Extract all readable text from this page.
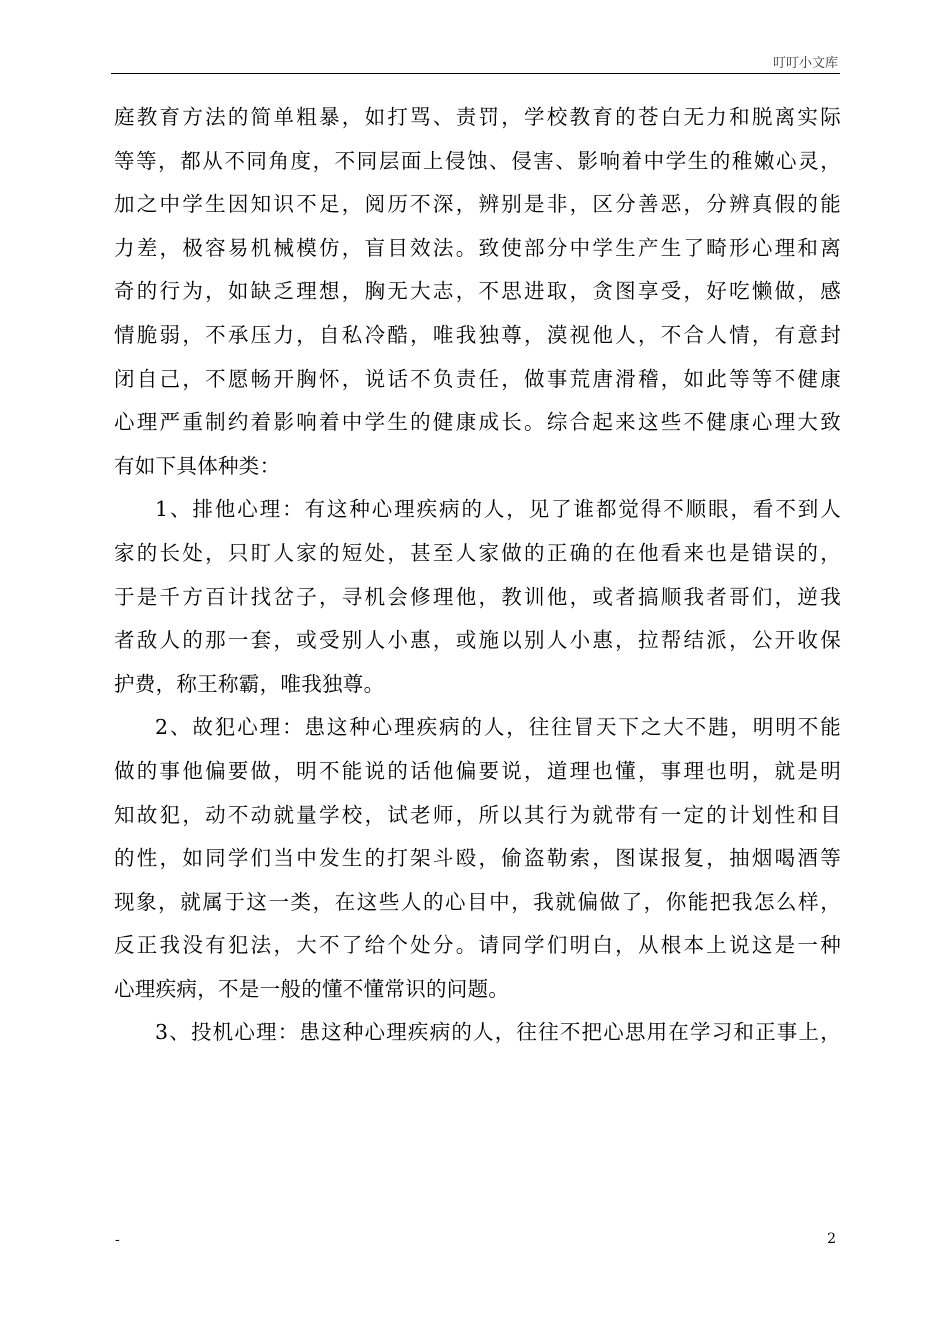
叮叮小文库
庭教育方法的简单粗暴，如打骂、责罚，学校教育的苍白无力和脱离实际
等等，都从不同角度，不同层面上侵蚀、侵害、影响着中学生的稚嫩心灵，
加之中学生因知识不足，阅历不深，辨别是非，区分善恶，分辨真假的能
力差，极容易机械模仿，盲目效法。致使部分中学生产生了畸形心理和离
奇的行为，如缺乏理想，胸无大志，不思进取，贪图享受，好吃懒做，感
情脆弱，不承压力，自私冷酷，唯我独尊，漠视他人，不合人情，有意封
闭自己，不愿畅开胸怀，说话不负责任，做事荒唐滑稽，如此等等不健康
心理严重制约着影响着中学生的健康成长。综合起来这些不健康心理大致
有如下具体种类：
1、排他心理：有这种心理疾病的人，见了谁都觉得不顺眼，看不到人
家的长处，只盯人家的短处，甚至人家做的正确的在他看来也是错误的，
于是千方百计找岔子，寻机会修理他，教训他，或者搞顺我者哥们，逆我
者敌人的那一套，或受别人小惠，或施以别人小惠，拉帮结派，公开收保
护费，称王称霸，唯我独尊。
2、故犯心理：患这种心理疾病的人，往往冒天下之大不韪，明明不能
做的事他偏要做，明不能说的话他偏要说，道理也懂，事理也明，就是明
知故犯，动不动就量学校，试老师，所以其行为就带有一定的计划性和目
的性，如同学们当中发生的打架斗殴，偷盗勒索，图谋报复，抽烟喝酒等
现象，就属于这一类，在这些人的心目中，我就偏做了，你能把我怎么样，
反正我没有犯法，大不了给个处分。请同学们明白，从根本上说这是一种
心理疾病，不是一般的懂不懂常识的问题。
3、投机心理：患这种心理疾病的人，往往不把心思用在学习和正事上，
-	2
